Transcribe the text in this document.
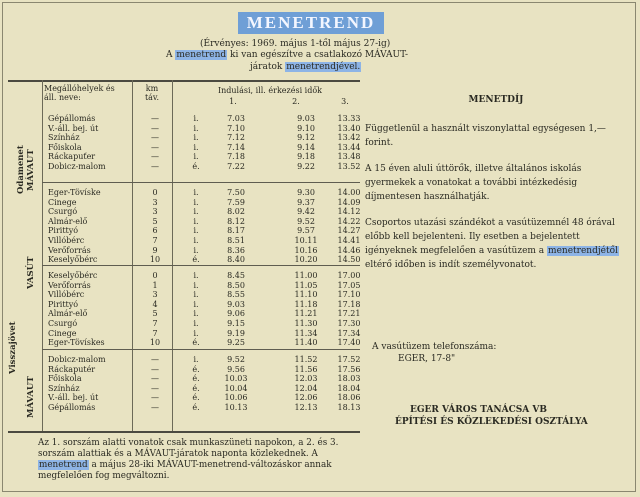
MENETREND
(Érvényes: 1969. május 1-től május 27-ig)
A menetrend ki van egészítve a csatlakozó MÁVAUT-
járatok menetrendjével.
Megállóhelyek és áll. neve:
km táv.
Indulási, ill. érkezési idők
1.	2.	3.
Odamenet MÁVAUT
VASÚT
Visszajövet
MÁVAUT
Gépállomás	—	i.	7.03	9.03	13.33
V.-áll. bej. út	—	i.	7.10	9.10	13.40
Színház	—	i.	7.12	9.12	13.42
Főiskola	—	i.	7.14	9.14	13.44
Ráckapuťer	—	i.	7.18	9.18	13.48
Dobicz-malom	—	é.	7.22	9.22	13.52
Eger-Tövíske	0	i.	7.50	9.30	14.00
Cinege	3	i.	7.59	9.37	14.09
Csurgó	3	i.	8.02	9.42	14.12
Almár-elő	5	i.	8.12	9.52	14.22
Pirittyó	6	i.	8.17	9.57	14.27
Villóbérc	7	i.	8.51	10.11	14.41
Verőforrás	9	i.	8.36	10.16	14.46
Keselyőbérc	10	é.	8.40	10.20	14.50
Keselyőbérc	0	i.	8.45	11.00	17.00
Verőforrás	1	i.	8.50	11.05	17.05
Villóbérc	3	i.	8.55	11.10	17.10
Pirittyó	4	i.	9.03	11.18	17.18
Almár-elő	5	i.	9.06	11.21	17.21
Csurgó	7	i.	9.15	11.30	17.30
Cinege	7	i.	9.19	11.34	17.34
Eger-Tövískes	10	é.	9.25	11.40	17.40
Dobicz-malom	—	i.	9.52	11.52	17.52
Ráckaputér	—	é.	9.56	11.56	17.56
Főiskola	—	é.	10.03	12.03	18.03
Színház	—	é.	10.04	12.04	18.04
V.-áll. bej. út	—	é.	10.06	12.06	18.06
Gépállomás	—	é.	10.13	12.13	18.13

MENETDÍJ

Függetlenül a használt viszonylattal egységesen 1,— forint.

A 15 éven aluli úttörők, illetve általános iskolás gyermekek a vonatokat a további intézkedésig díjmentesen használhatják.

Csoportos utazási szándékot a vasútüzemnél 48 órával előbb kell bejelenteni. Ily esetben a bejelentett igényeknek megfelelően a vasútüzem a menetrendjétől eltérő időben is indít személyvonatot.

A vasútüzem telefonszáma:
EGER, 17-8"
EGER VÁROS TANÁCSA VB
ÉPÍTÉSI ÉS KÖZLEKEDÉSI OSZTÁLYA
Az 1. sorszám alatti vonatok csak munkaszüneti napokon, a 2. és 3. sorszám alattiak és a MÁVAUT-járatok naponta közlekednek. A menetrend a május 28-iki MÁVAUT-menetrend-változáskor annak megfelelően fog megváltozni.
